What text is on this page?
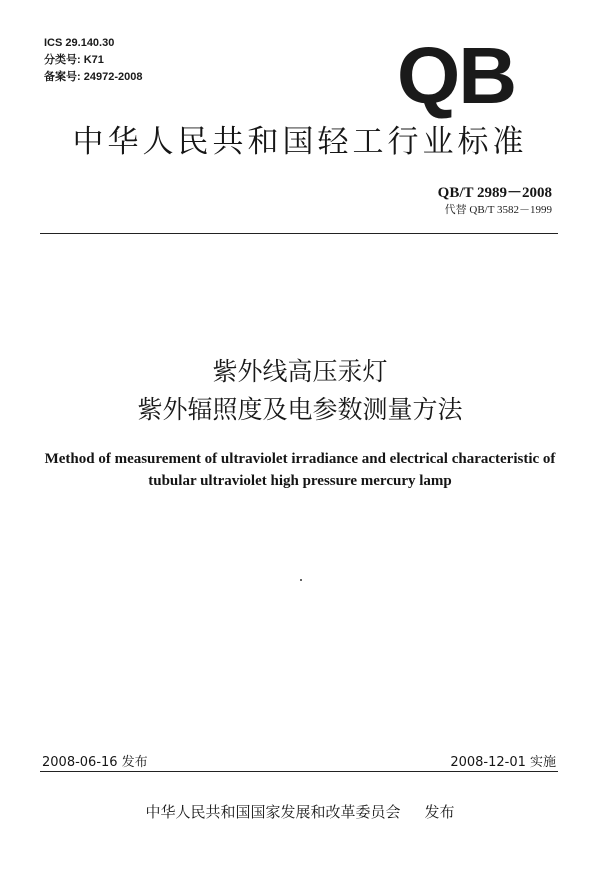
ICS 29.140.30
分类号: K71
备案号: 24972-2008	QB
中华人民共和国轻工行业标准
QB/T 2989－2008
代替 QB/T 3582－1999
紫外线高压汞灯
紫外辐照度及电参数测量方法
Method of measurement of ultraviolet irradiance and electrical characteristic of
tubular ultraviolet high pressure mercury lamp
2008-06-16 发布	2008-12-01 实施
中华人民共和国国家发展和改革委员会 发布
